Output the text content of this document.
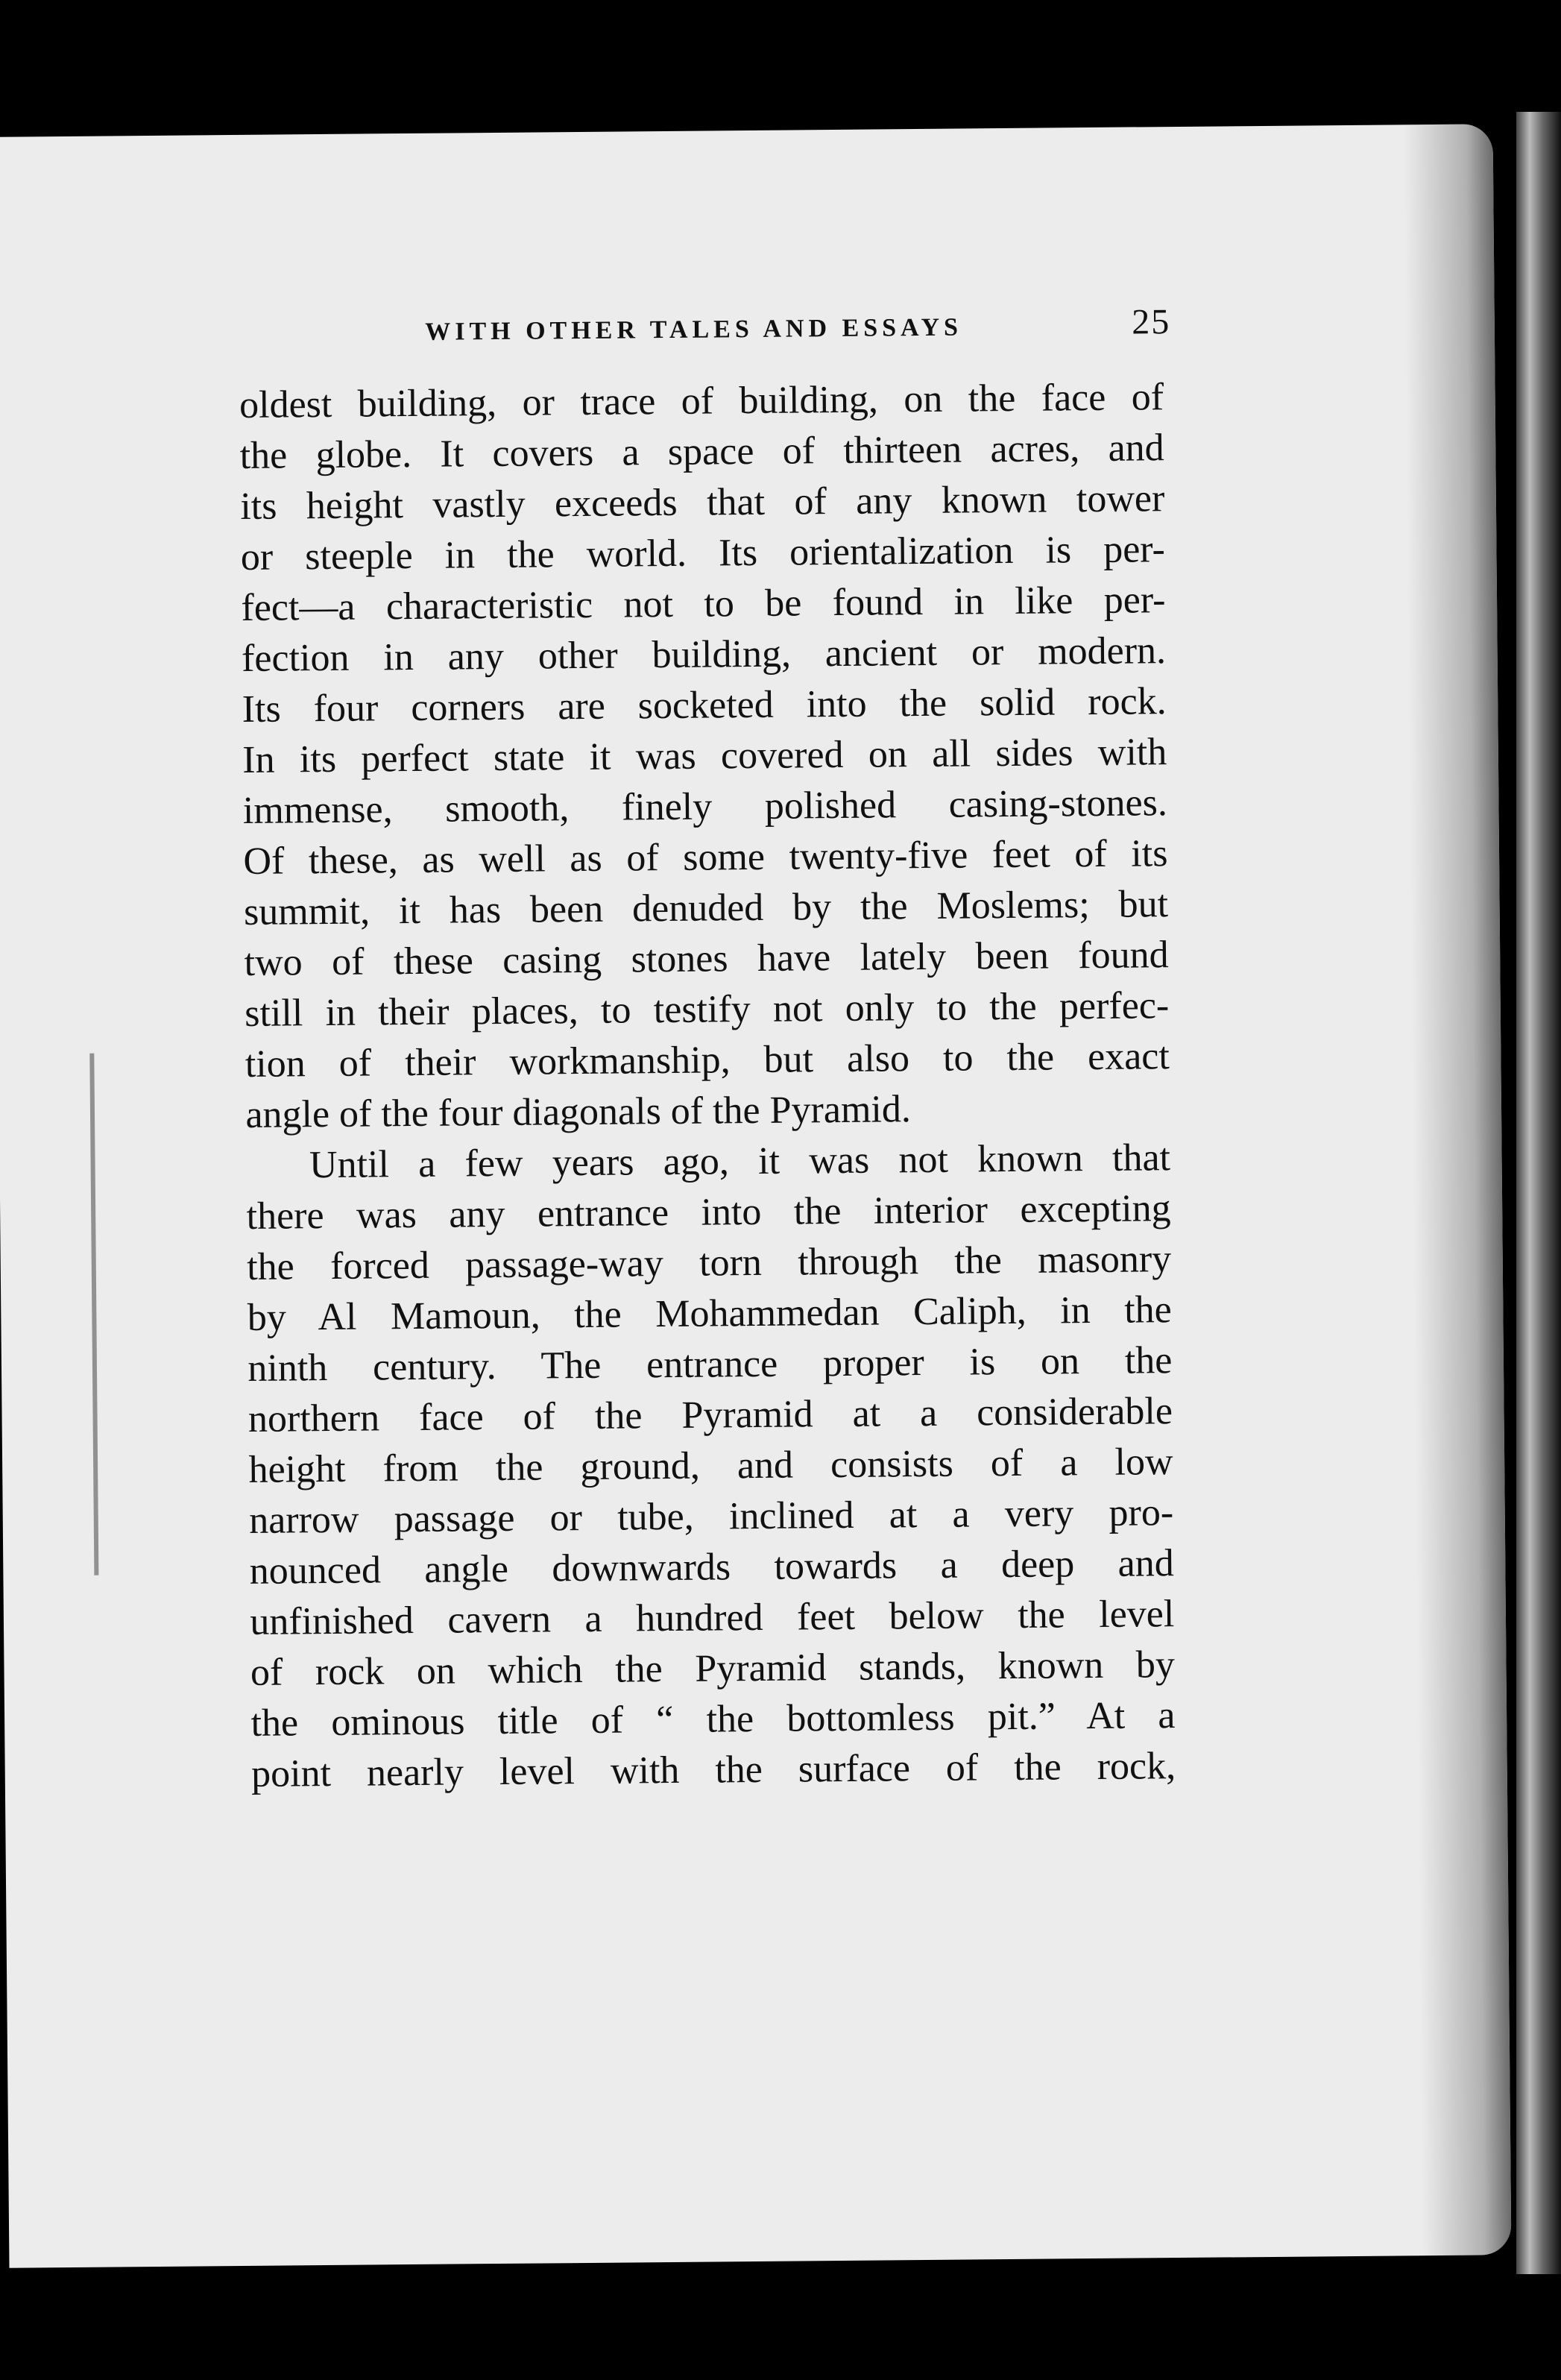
WITH OTHER TALES AND ESSAYS	25
oldest building, or trace of building, on the face of
the globe. It covers a space of thirteen acres, and
its height vastly exceeds that of any known tower
or steeple in the world. Its orientalization is per-
fect—a characteristic not to be found in like per-
fection in any other building, ancient or modern.
Its four corners are socketed into the solid rock.
In its perfect state it was covered on all sides with
immense, smooth, finely polished casing-stones.
Of these, as well as of some twenty-five feet of its
summit, it has been denuded by the Moslems; but
two of these casing stones have lately been found
still in their places, to testify not only to the perfec-
tion of their workmanship, but also to the exact
angle of the four diagonals of the Pyramid.
Until a few years ago, it was not known that
there was any entrance into the interior excepting
the forced passage-way torn through the masonry
by Al Mamoun, the Mohammedan Caliph, in the
ninth century. The entrance proper is on the
northern face of the Pyramid at a considerable
height from the ground, and consists of a low
narrow passage or tube, inclined at a very pro-
nounced angle downwards towards a deep and
unfinished cavern a hundred feet below the level
of rock on which the Pyramid stands, known by
the ominous title of “ the bottomless pit.” At a
point nearly level with the surface of the rock,
